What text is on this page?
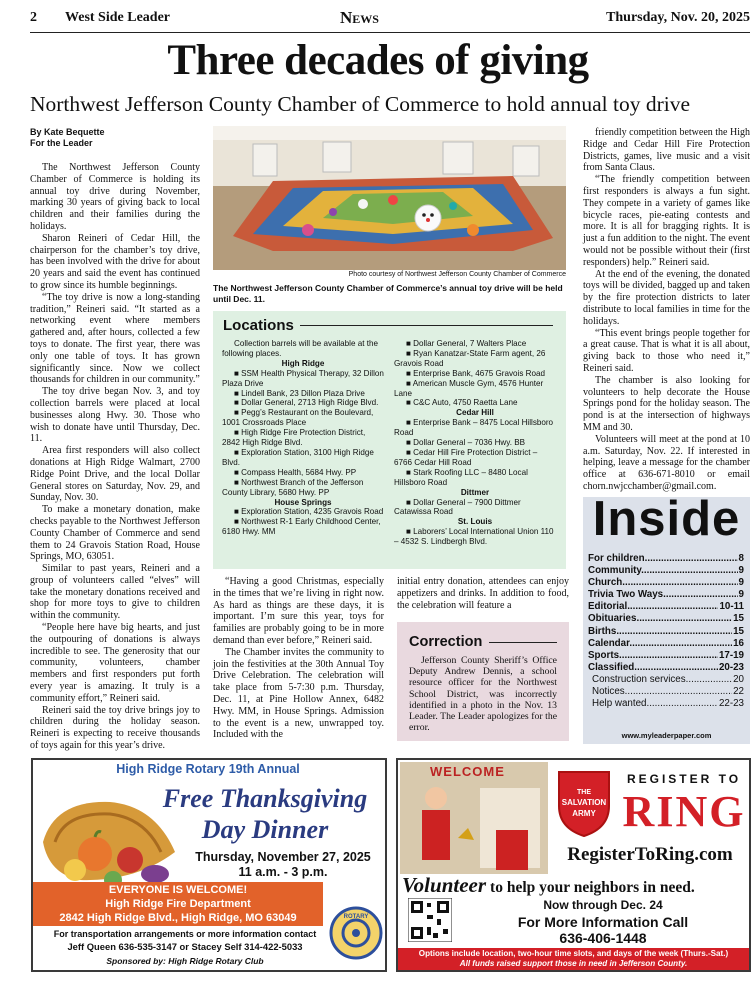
2 West Side Leader	News	Thursday, Nov. 20, 2025
Three decades of giving
Northwest Jefferson County Chamber of Commerce to hold annual toy drive
By Kate Bequette
For the Leader

The Northwest Jefferson County Chamber of Commerce is holding its annual toy drive during November, marking 30 years of giving back to local children and their families during the holidays.

Sharon Reineri of Cedar Hill, the chairperson for the chamber’s toy drive, has been involved with the drive for about 20 years and said the event has continued to grow since its humble beginnings.

“The toy drive is now a long-standing tradition,” Reineri said. “It started as a networking event where members gathered and, after hours, collected a few toys to donate. The first year, there was only one table of toys. It has grown significantly since. Now we collect thousands for children in our community.”

The toy drive began Nov. 3, and toy collection barrels were placed at local businesses along Hwy. 30. Those who wish to donate have until Thursday, Dec. 11.

Area first responders will also collect donations at High Ridge Walmart, 2700 Ridge Point Drive, and the local Dollar General stores on Saturday, Nov. 29, and Sunday, Nov. 30.

To make a monetary donation, make checks payable to the Northwest Jefferson County Chamber of Commerce and send them to 24 Gravois Station Road, House Springs, MO, 63051.

Similar to past years, Reineri and a group of volunteers called “elves” will take the monetary donations received and shop for more toys to give to children within the community.

“People here have big hearts, and just the outpouring of donations is always incredible to see. The generosity that our community, volunteers, chamber members and first responders put forth every year is amazing. It truly is a community effort,” Reineri said.

Reineri said the toy drive brings joy to children during the holiday season. Reineri is expecting to receive thousands of toys again for this year’s drive.

Photo courtesy of Northwest Jefferson County Chamber of Commerce
The Northwest Jefferson County Chamber of Commerce’s annual toy drive will be held until Dec. 11.
Locations

Collection barrels will be available at the following places.

High Ridge
■ SSM Health Physical Therapy, 32 Dillon Plaza Drive
■ Lindell Bank, 23 Dillon Plaza Drive
■ Dollar General, 2713 High Ridge Blvd.
■ Pegg’s Restaurant on the Boulevard, 1001 Crossroads Place
■ High Ridge Fire Protection District, 2842 High Ridge Blvd.
■ Exploration Station, 3100 High Ridge Blvd.
■ Compass Health, 5684 Hwy. PP
■ Northwest Branch of the Jefferson County Library, 5680 Hwy. PP
House Springs
■ Exploration Station, 4235 Gravois Road
■ Northwest R-1 Early Childhood Center, 6180 Hwy. MM
■ Dollar General, 7 Walters Place
■ Ryan Kanatzar-State Farm agent, 26 Gravois Road
■ Enterprise Bank, 4675 Gravois Road
■ American Muscle Gym, 4576 Hunter Lane
■ C&C Auto, 4750 Raetta Lane
Cedar Hill
■ Enterprise Bank – 8475 Local Hillsboro Road
■ Dollar General – 7036 Hwy. BB
■ Cedar Hill Fire Protection District – 6766 Cedar Hill Road
■ Stark Roofing LLC – 8480 Local Hillsboro Road
Dittmer
■ Dollar General – 7900 Dittmer Catawissa Road
St. Louis
■ Laborers’ Local International Union 110 – 4532 S. Lindbergh Blvd.

“Having a good Christmas, especially in the times that we’re living in right now. As hard as things are these days, it is important. I’m sure this year, toys for families are probably going to be in more demand than ever before,” Reineri said.

The Chamber invites the community to join the festivities at the 30th Annual Toy Drive Celebration. The celebration will take place from 5-7:30 p.m. Thursday, Dec. 11, at Pine Hollow Annex, 6482 Hwy. MM, in House Springs. Admission to the event is a new, unwrapped toy. Included with the

initial entry donation, attendees can enjoy appetizers and drinks. In addition to food, the celebration will feature a

Correction

Jefferson County Sheriff’s Office Deputy Andrew Dennis, a school resource officer for the Northwest School District, was incorrectly identified in a photo in the Nov. 13 Leader. The Leader apologizes for the error.

friendly competition between the High Ridge and Cedar Hill Fire Protection Districts, games, live music and a visit from Santa Claus.

“The friendly competition between first responders is always a fun sight. They compete in a variety of games like bicycle races, pie-eating contests and more. It is all for bragging rights. It is just a fun addition to the night. The event would not be possible without their (first responders) help.” Reineri said.

At the end of the evening, the donated toys will be divided, bagged up and taken by the fire protection districts to later distribute to local families in time for the holidays.

“This event brings people together for a great cause. That is what it is all about, giving back to those who need it,” Reineri said.

The chamber is also looking for volunteers to help decorate the House Springs pond for the holiday season. The pond is at the intersection of highways MM and 30.

Volunteers will meet at the pond at 10 a.m. Saturday, Nov. 22. If interested in helping, leave a message for the chamber office at 636-671-8010 or email chorn.nwjcchamber@gmail.com.

Inside
For children .....	8
Community .....	9
Church .....	9
Trivia Two Ways .....	9
Editorial .....	10-11
Obituaries .....	15
Births .....	15
Calendar .....	16
Sports .....	17-19
Classified .....	20-23
Construction services .....	20
Notices .....	22
Help wanted .....	22-23
www.myleaderpaper.com
High Ridge Rotary 19th Annual
Free Thanksgiving
Day Dinner
Thursday, November 27, 2025
11 a.m. - 3 p.m.
EVERYONE IS WELCOME!
High Ridge Fire Department
2842 High Ridge Blvd., High Ridge, MO 63049
For transportation arrangements or more information contact
Jeff Queen 636-535-3147 or Stacey Self 314-422-5033
Sponsored by: High Ridge Rotary Club
ROTARY
WELCOME
THE
SALVATION
ARMY
REGISTER TO
RING
RegisterToRing.com
Volunteer to help your neighbors in need.
Now through Dec. 24
For More Information Call
636-406-1448
Options include location, two-hour time slots, and days of the week (Thurs.-Sat.)
All funds raised support those in need in Jefferson County.
